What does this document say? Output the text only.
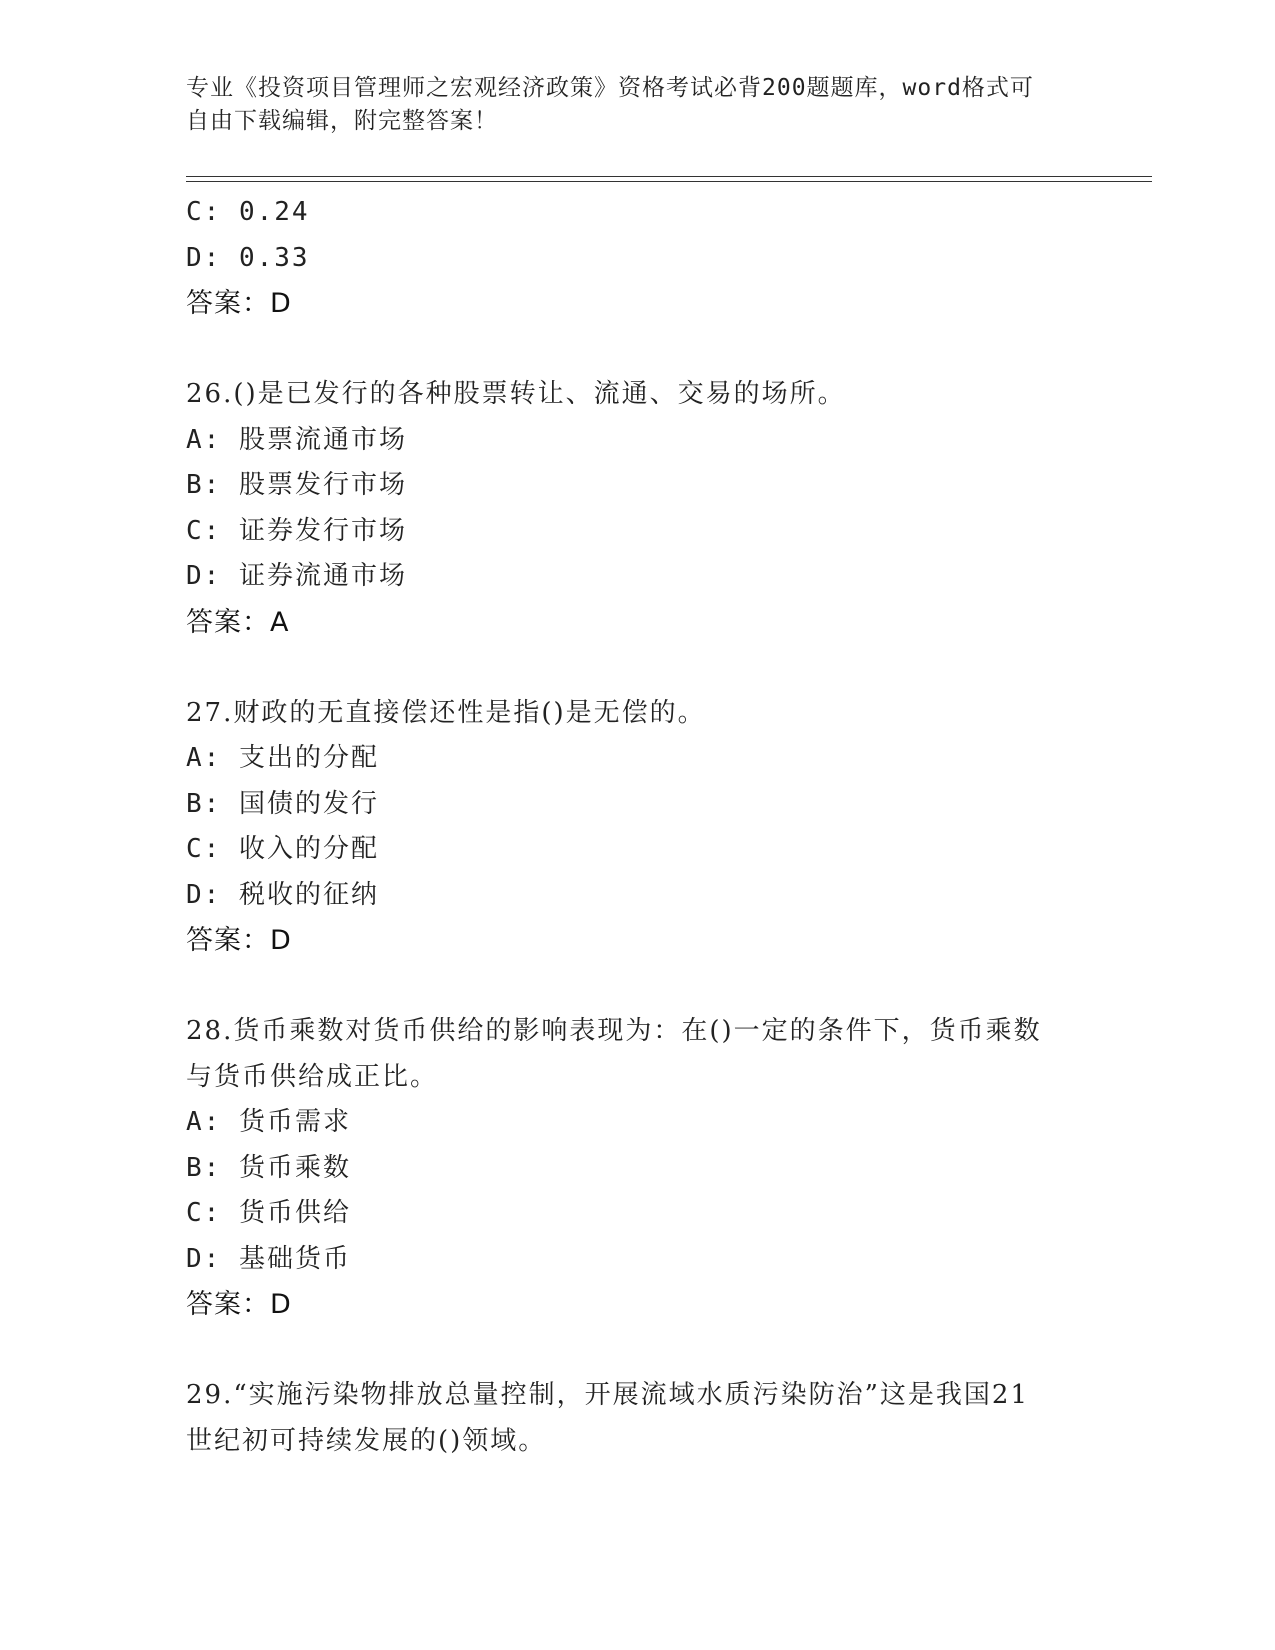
专业《投资项目管理师之宏观经济政策》资格考试必背200题题库，word格式可
自由下载编辑，附完整答案！
C: 0.24
D: 0.33
答案：D
26.()是已发行的各种股票转让、流通、交易的场所。
A: 股票流通市场
B: 股票发行市场
C: 证券发行市场
D: 证券流通市场
答案：A
27.财政的无直接偿还性是指()是无偿的。
A: 支出的分配
B: 国债的发行
C: 收入的分配
D: 税收的征纳
答案：D
28.货币乘数对货币供给的影响表现为：在()一定的条件下，货币乘数
与货币供给成正比。
A: 货币需求
B: 货币乘数
C: 货币供给
D: 基础货币
答案：D
29.“实施污染物排放总量控制，开展流域水质污染防治”这是我国21
世纪初可持续发展的()领域。
